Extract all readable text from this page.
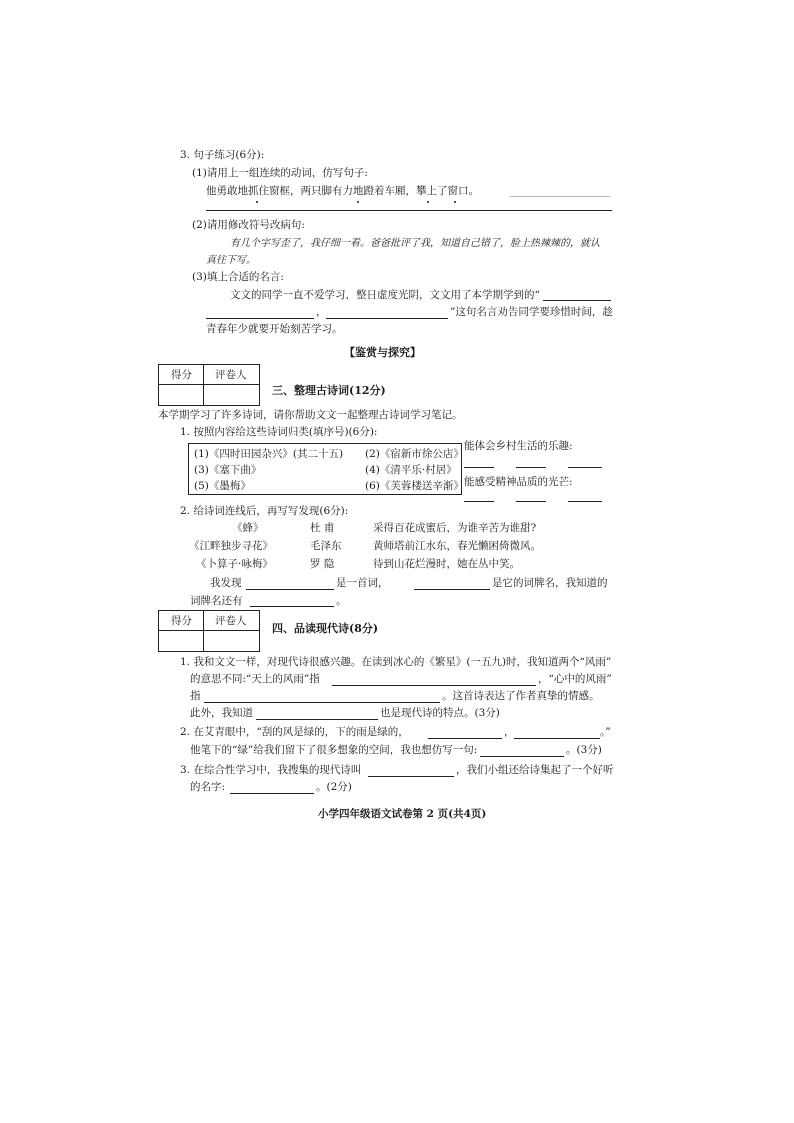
3. 句子练习(6分):
(1)请用上一组连续的动词，仿写句子:
他勇敢地抓住窗框，两只脚有力地蹬着车厢，攀上了窗口。
(2)请用修改符号改病句:
有几个字写歪了，我仔细一看。爸爸批评了我，知道自己错了，脸上热辣辣的，就认
真往下写。
(3)填上合适的名言:
文文的同学一直不爱学习，整日虚度光阴，文文用了本学期学到的“
，	”这句名言劝告同学要珍惜时间，趁
青春年少就要开始刻苦学习。
【鉴赏与探究】
得分 评卷人
三、整理古诗词(12分)
本学期学习了许多诗词，请你帮助文文一起整理古诗词学习笔记。
1. 按照内容给这些诗词归类(填序号)(6分):
(1)《四时田园杂兴》(其二十五) (2)《宿新市徐公店》
(3)《塞下曲》	(4)《清平乐·村居》
(5)《墨梅》	(6)《芙蓉楼送辛渐》
能体会乡村生活的乐趣:
能感受精神品质的光芒:
2. 给诗词连线后，再写写发现(6分):
《蜂》	杜 甫	采得百花成蜜后，为谁辛苦为谁甜?
《江畔独步寻花》	毛泽东	黄师塔前江水东，春光懒困倚微风。
《卜算子·咏梅》	罗 隐	待到山花烂漫时，她在丛中笑。
我发现	是一首词，	是它的词牌名，我知道的
词牌名还有	。
得分 评卷人
四、品读现代诗(8分)
1. 我和文文一样，对现代诗很感兴趣。在读到冰心的《繁星》(一五九)时，我知道两个“风雨”
的意思不同:“天上的风雨”指	，“心中的风雨”
指	。这首诗表达了作者真挚的情感。
此外，我知道	也是现代诗的特点。(3分)
2. 在艾青眼中，“刮的风是绿的，下的雨是绿的，	，	。”
他笔下的“绿”给我们留下了很多想象的空间，我也想仿写一句:	。(3分)
3. 在综合性学习中，我搜集的现代诗叫	，我们小组还给诗集起了一个好听
的名字:	。(2分)
小学四年级语文试卷第 2 页(共4页)
